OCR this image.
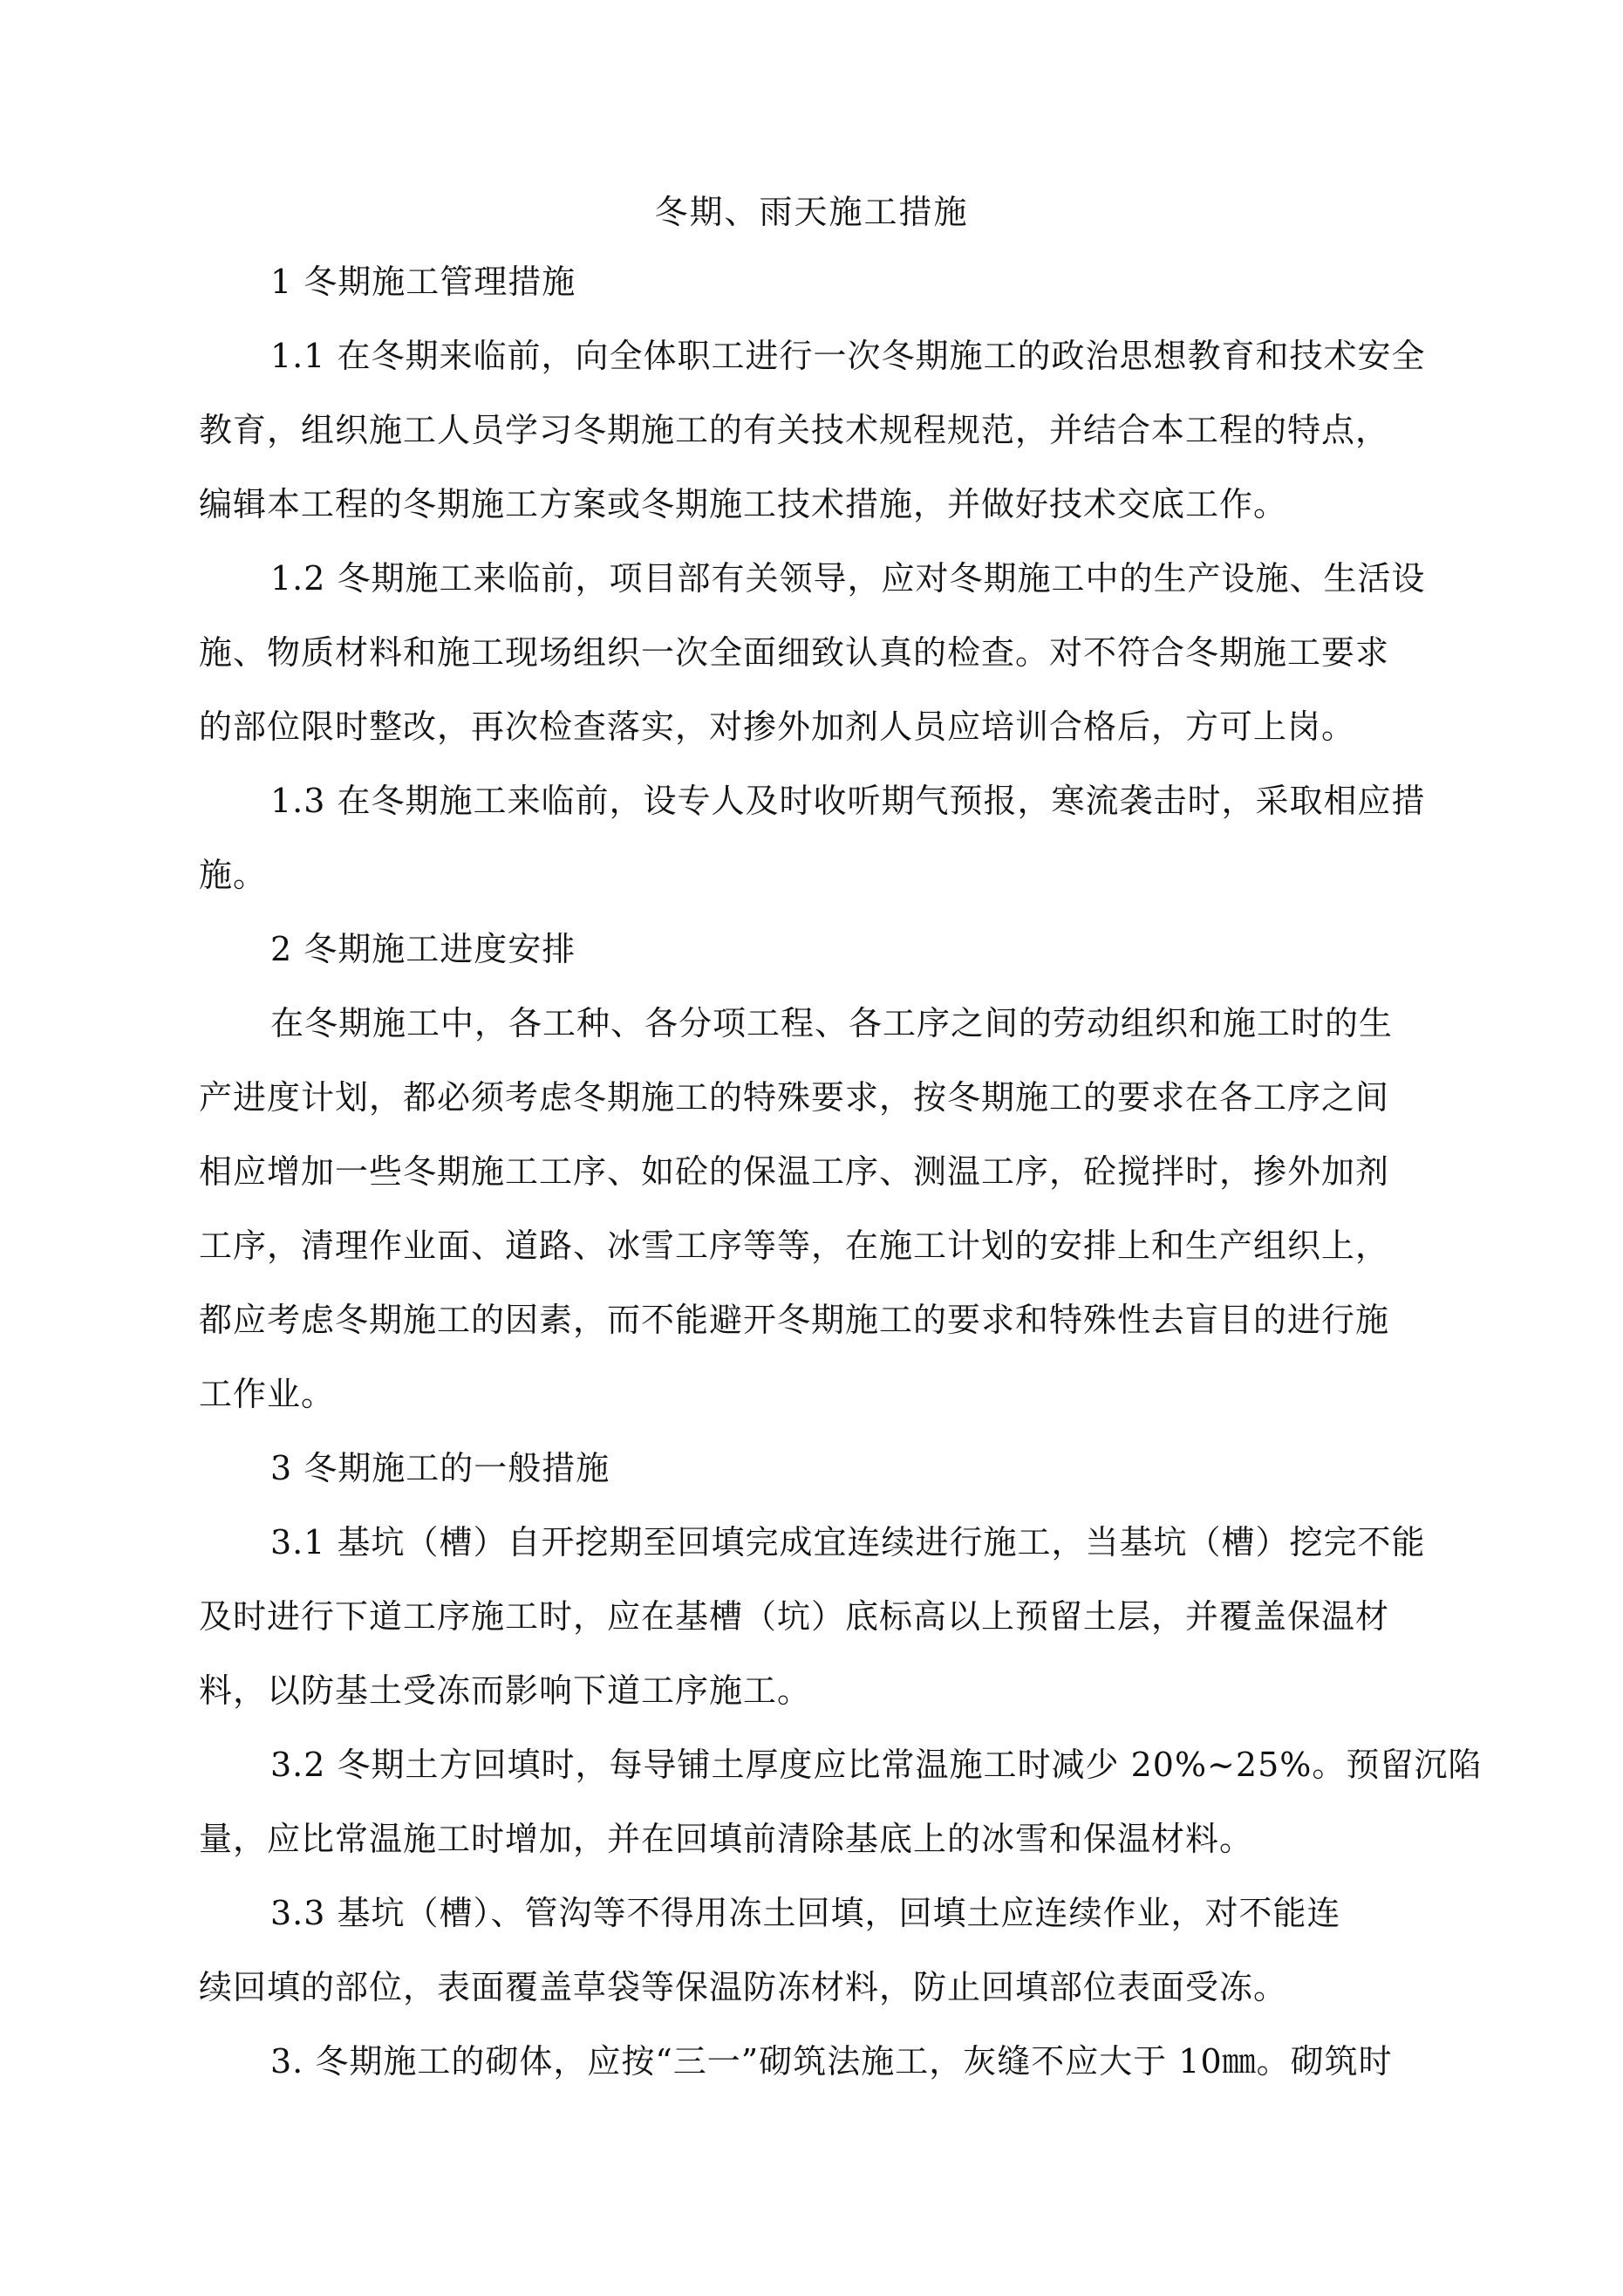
冬期、雨天施工措施
1 冬期施工管理措施
1.1 在冬期来临前，向全体职工进行一次冬期施工的政治思想教育和技术安全
教育，组织施工人员学习冬期施工的有关技术规程规范，并结合本工程的特点，
编辑本工程的冬期施工方案或冬期施工技术措施，并做好技术交底工作。
1.2 冬期施工来临前，项目部有关领导，应对冬期施工中的生产设施、生活设
施、物质材料和施工现场组织一次全面细致认真的检查。对不符合冬期施工要求
的部位限时整改，再次检查落实，对掺外加剂人员应培训合格后，方可上岗。
1.3 在冬期施工来临前，设专人及时收听期气预报，寒流袭击时，采取相应措
施。
2 冬期施工进度安排
在冬期施工中，各工种、各分项工程、各工序之间的劳动组织和施工时的生
产进度计划，都必须考虑冬期施工的特殊要求，按冬期施工的要求在各工序之间
相应增加一些冬期施工工序、如砼的保温工序、测温工序，砼搅拌时，掺外加剂
工序，清理作业面、道路、冰雪工序等等，在施工计划的安排上和生产组织上，
都应考虑冬期施工的因素，而不能避开冬期施工的要求和特殊性去盲目的进行施
工作业。
3 冬期施工的一般措施
3.1 基坑（槽）自开挖期至回填完成宜连续进行施工，当基坑（槽）挖完不能
及时进行下道工序施工时，应在基槽（坑）底标高以上预留土层，并覆盖保温材
料，以防基土受冻而影响下道工序施工。
3.2 冬期土方回填时，每导铺土厚度应比常温施工时减少 20%~25%。预留沉陷
量，应比常温施工时增加，并在回填前清除基底上的冰雪和保温材料。
3.3 基坑（槽）、管沟等不得用冻土回填，回填土应连续作业，对不能连
续回填的部位，表面覆盖草袋等保温防冻材料，防止回填部位表面受冻。
3. 冬期施工的砌体，应按“三一”砌筑法施工，灰缝不应大于 10㎜。砌筑时
